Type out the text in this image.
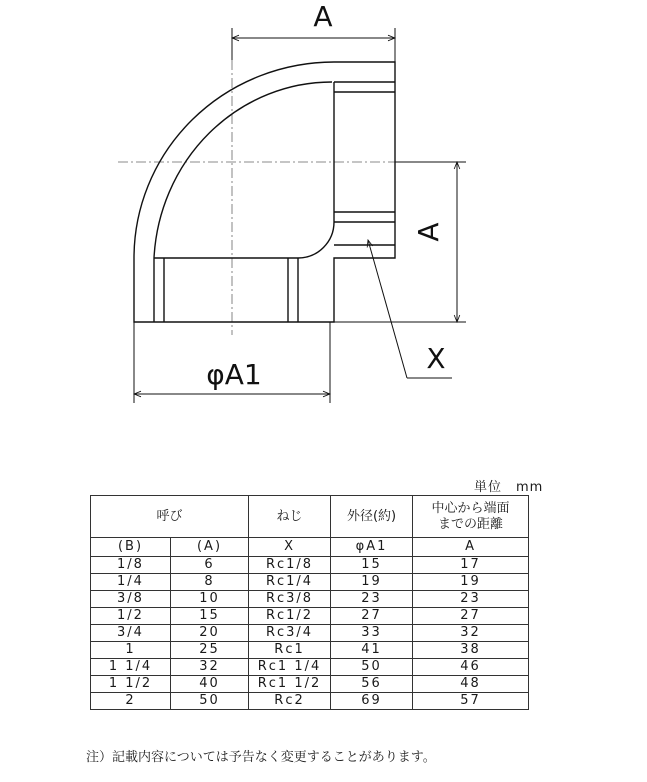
A
A
φA1	X
単位　mm
呼び		ねじ	外径(約)	中心から端面
までの距離

(B)	(A)	X	φA1	A
1/8	6	Rc1/8	15	17
1/4	8	Rc1/4	19	19
3/8	10	Rc3/8	23	23
1/2	15	Rc1/2	27	27
3/4	20	Rc3/4	33	32
1	25	Rc1	41	38
1 1/4	32	Rc1 1/4	50	46
1 1/2	40	Rc1 1/2	56	48
2	50	Rc2	69	57
注）記載内容については予告なく変更することがあります。
